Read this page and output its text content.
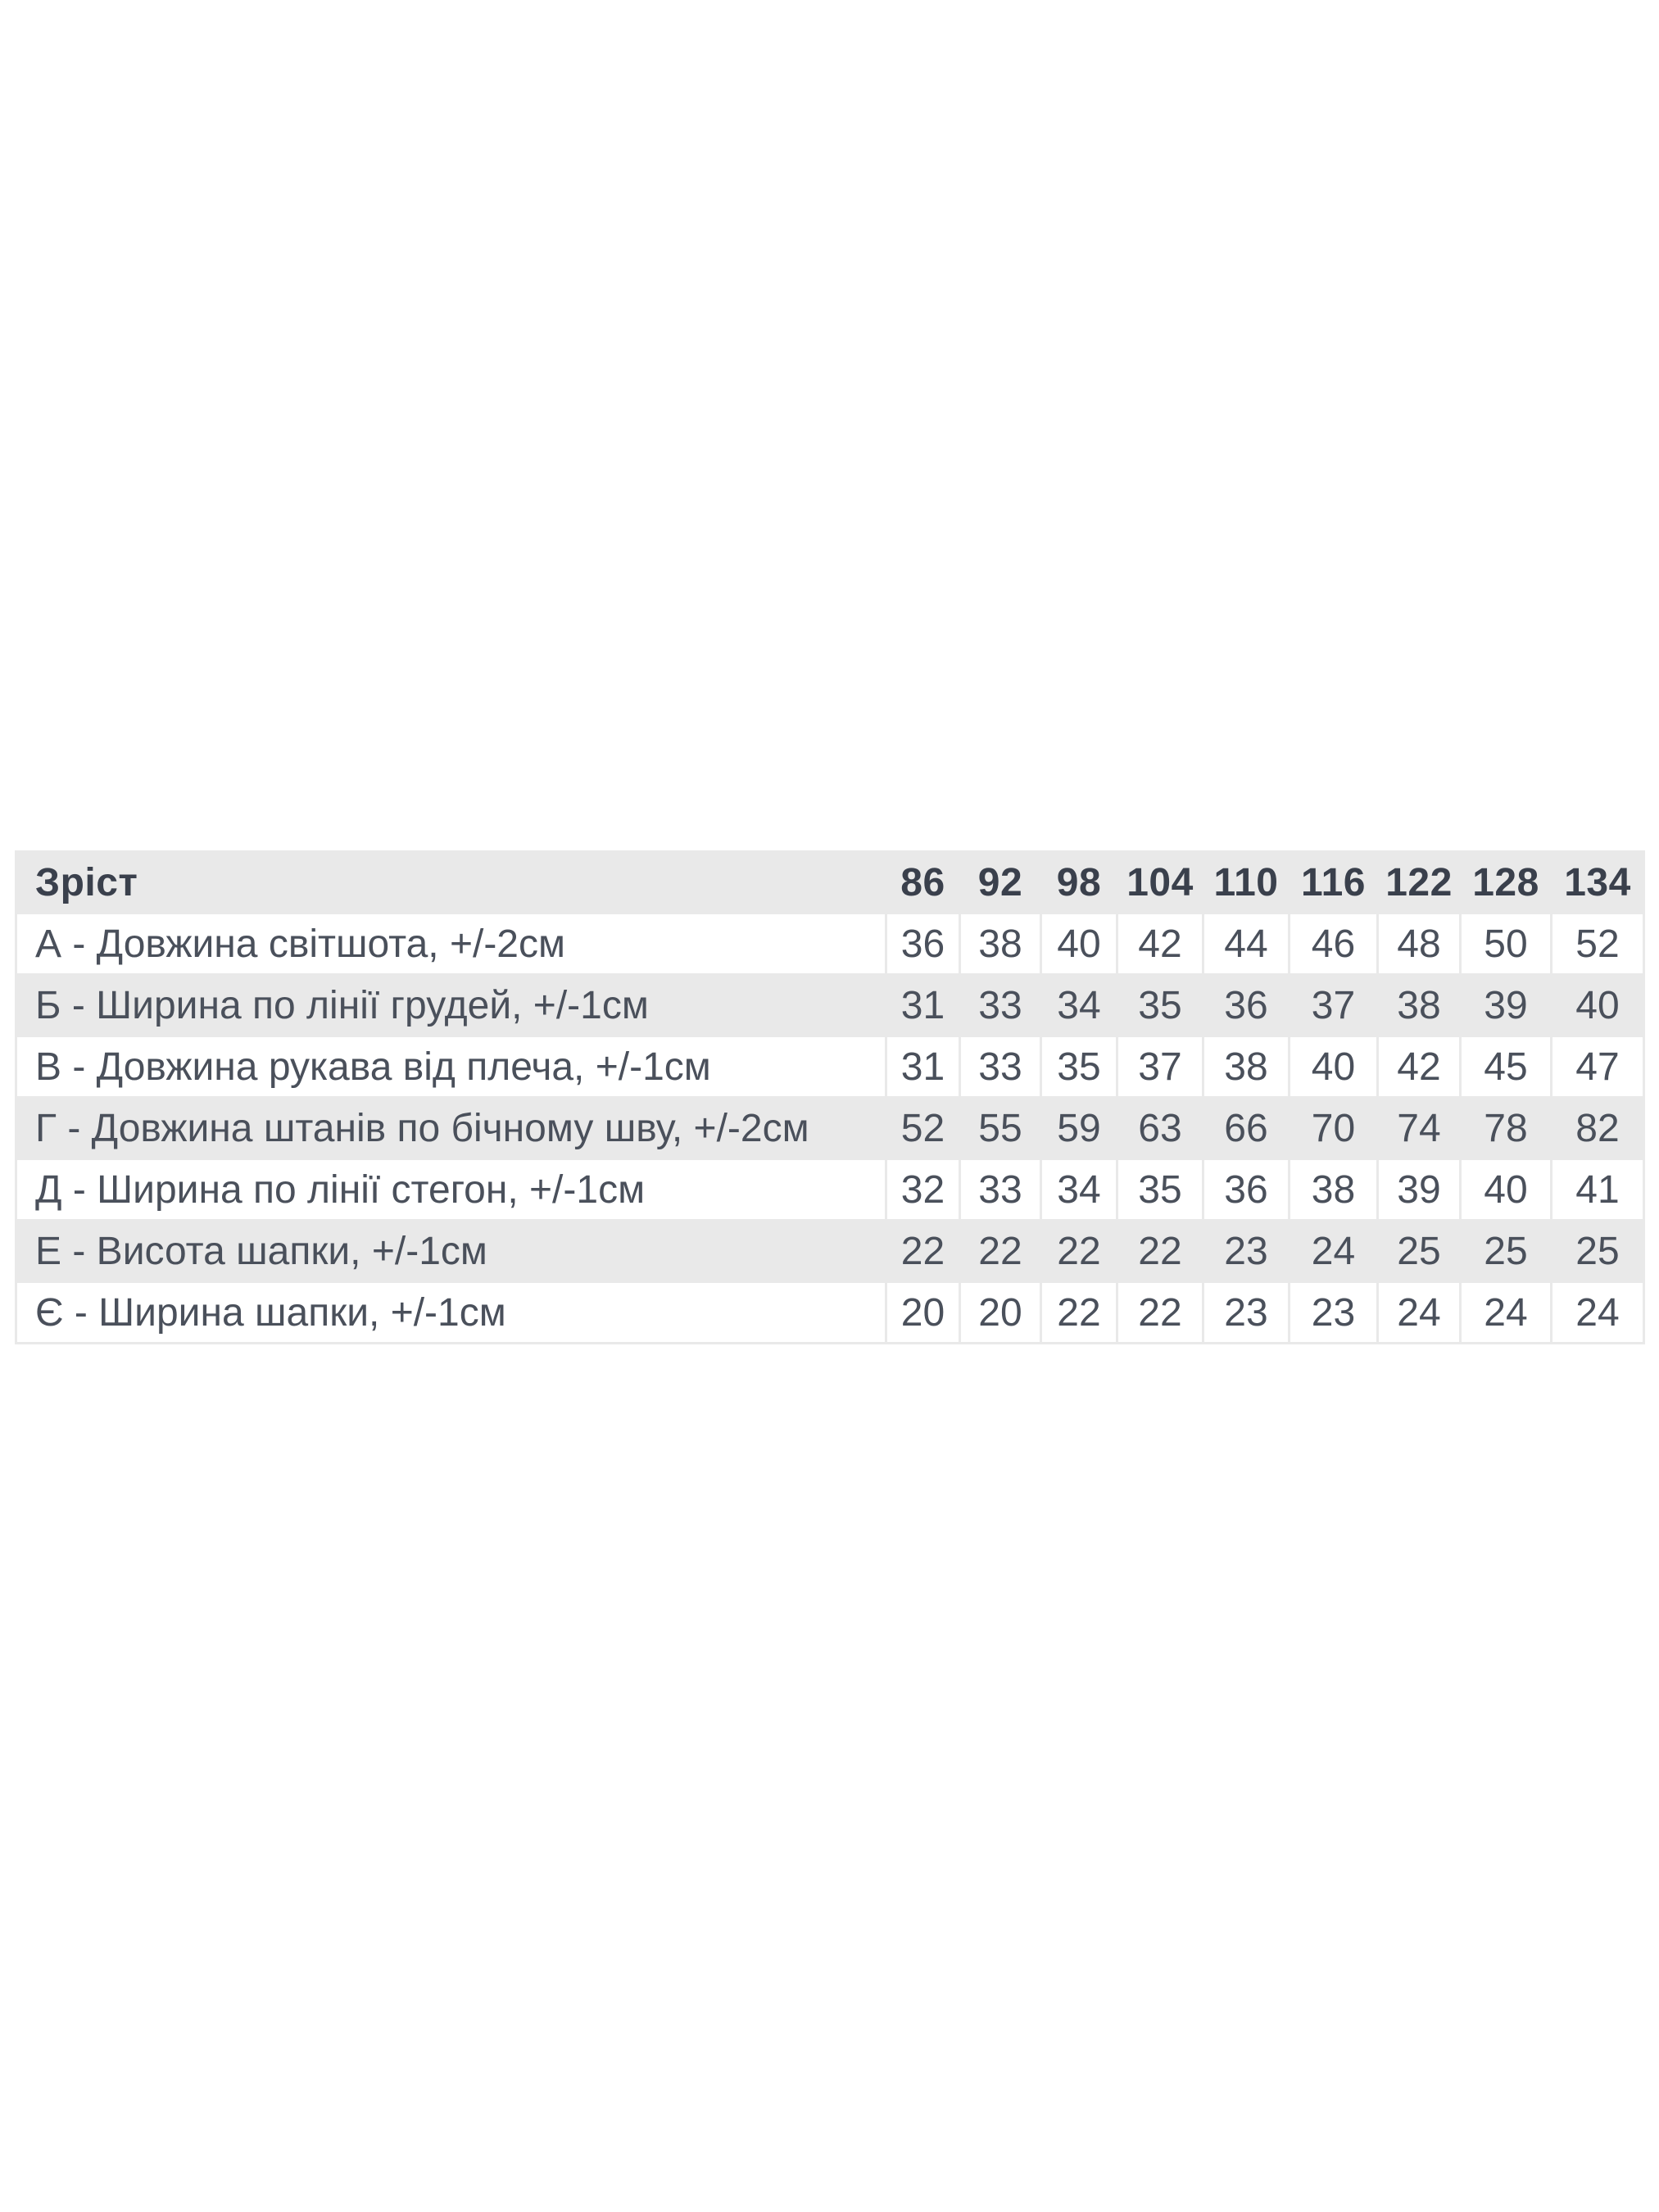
Зріст	86	92	98	104	110	116	122	128	134
А - Довжина світшота, +/-2см	36	38	40	42	44	46	48	50	52
Б - Ширина по лінії грудей, +/-1см	31	33	34	35	36	37	38	39	40
В - Довжина рукава від плеча, +/-1см	31	33	35	37	38	40	42	45	47
Г - Довжина штанів по бічному шву, +/-2см	52	55	59	63	66	70	74	78	82
Д - Ширина по лінії стегон, +/-1см	32	33	34	35	36	38	39	40	41
Е - Висота шапки, +/-1см	22	22	22	22	23	24	25	25	25
Є - Ширина шапки, +/-1см	20	20	22	22	23	23	24	24	24
